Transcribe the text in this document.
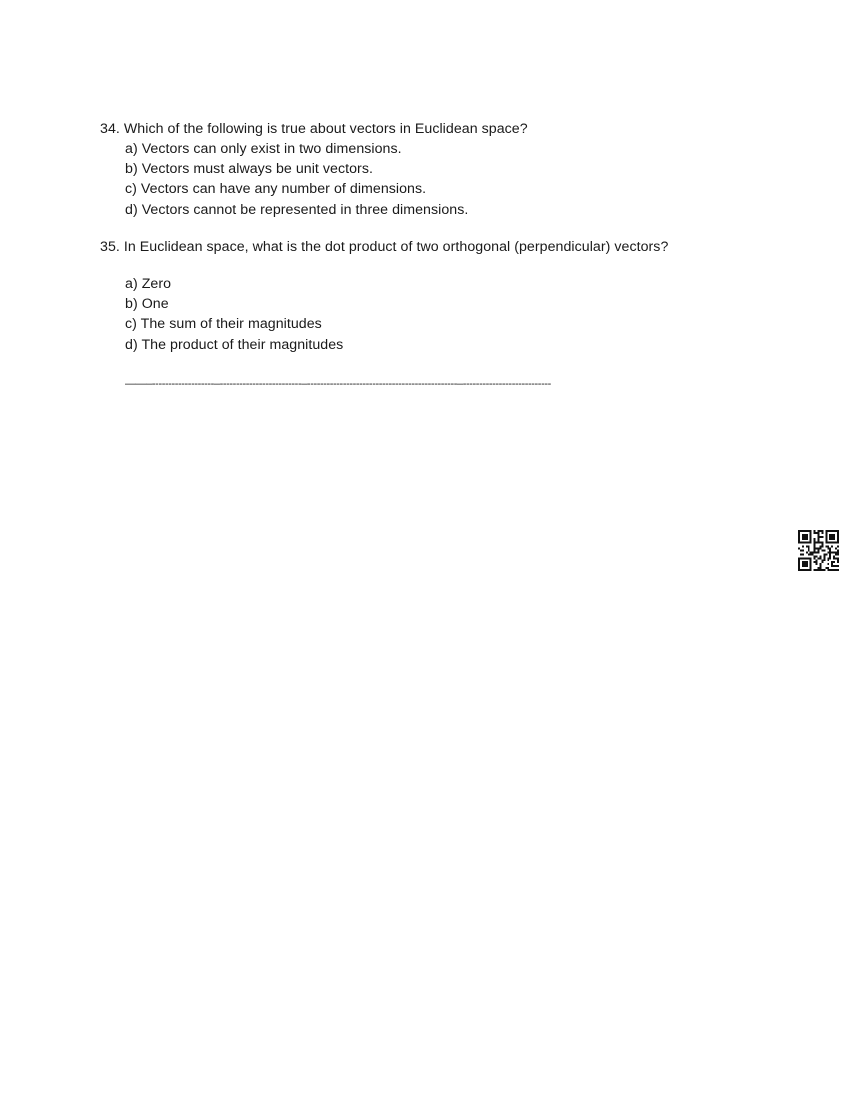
34. Which of the following is true about vectors in Euclidean space?
a) Vectors can only exist in two dimensions.
b) Vectors must always be unit vectors.
c) Vectors can have any number of dimensions.
d) Vectors cannot be represented in three dimensions.
35. In Euclidean space, what is the dot product of two orthogonal (perpendicular) vectors?
a) Zero
b) One
c) The sum of their magnitudes
d) The product of their magnitudes
——–-------------------–-------------------------–----------------------------------------------–---------------------------
